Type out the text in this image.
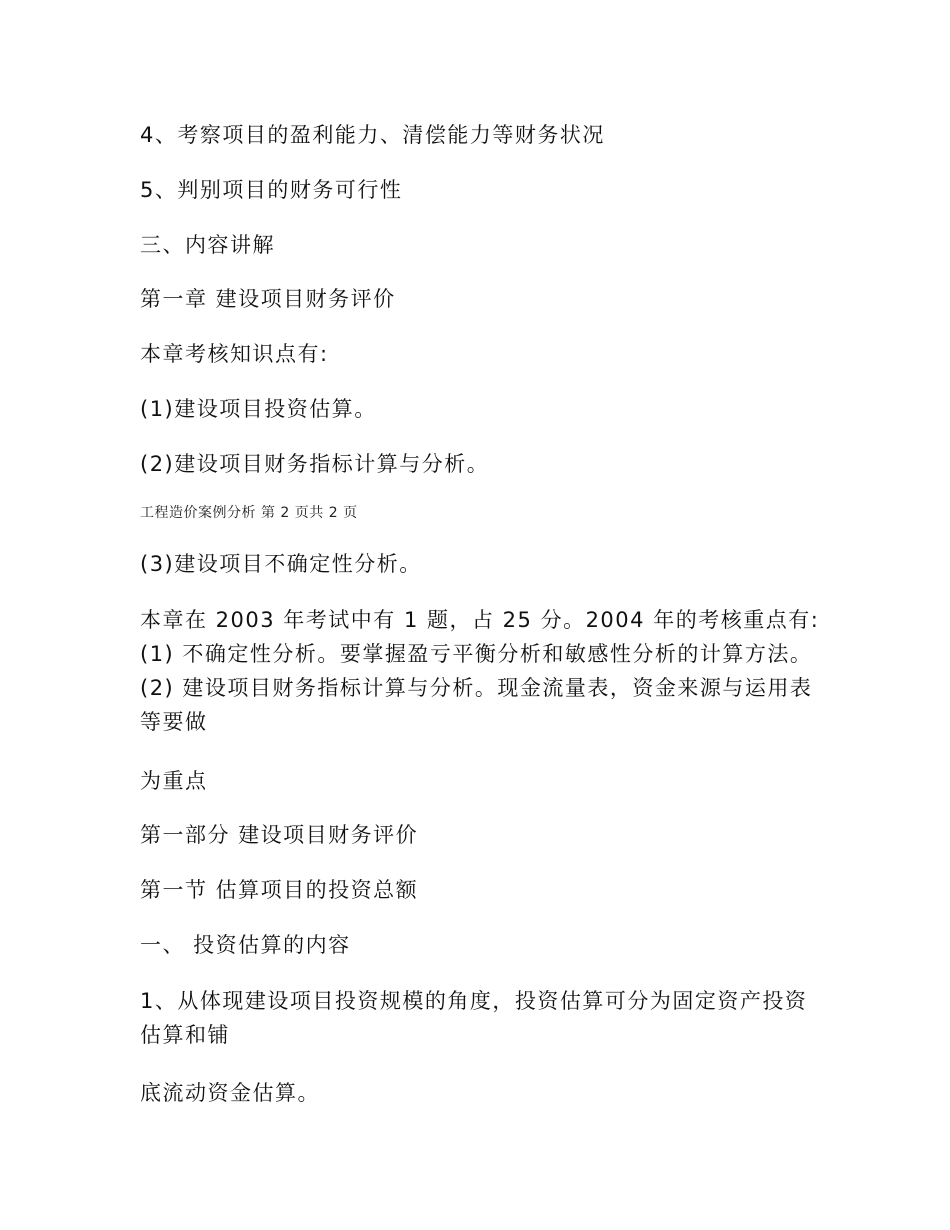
4、考察项目的盈利能力、清偿能力等财务状况

5、判别项目的财务可行性

三、内容讲解

第一章 建设项目财务评价

本章考核知识点有:

(1)建设项目投资估算。

(2)建设项目财务指标计算与分析。

工程造价案例分析 第 2 页共 2 页

(3)建设项目不确定性分析。

本章在 2003 年考试中有 1 题，占 25 分。2004 年的考核重点有: (1) 不确定性分析。要掌握盈亏平衡分析和敏感性分析的计算方法。 (2) 建设项目财务指标计算与分析。现金流量表，资金来源与运用表等要做

为重点

第一部分 建设项目财务评价

第一节 估算项目的投资总额

一、 投资估算的内容

1、从体现建设项目投资规模的角度，投资估算可分为固定资产投资估算和铺

底流动资金估算。
